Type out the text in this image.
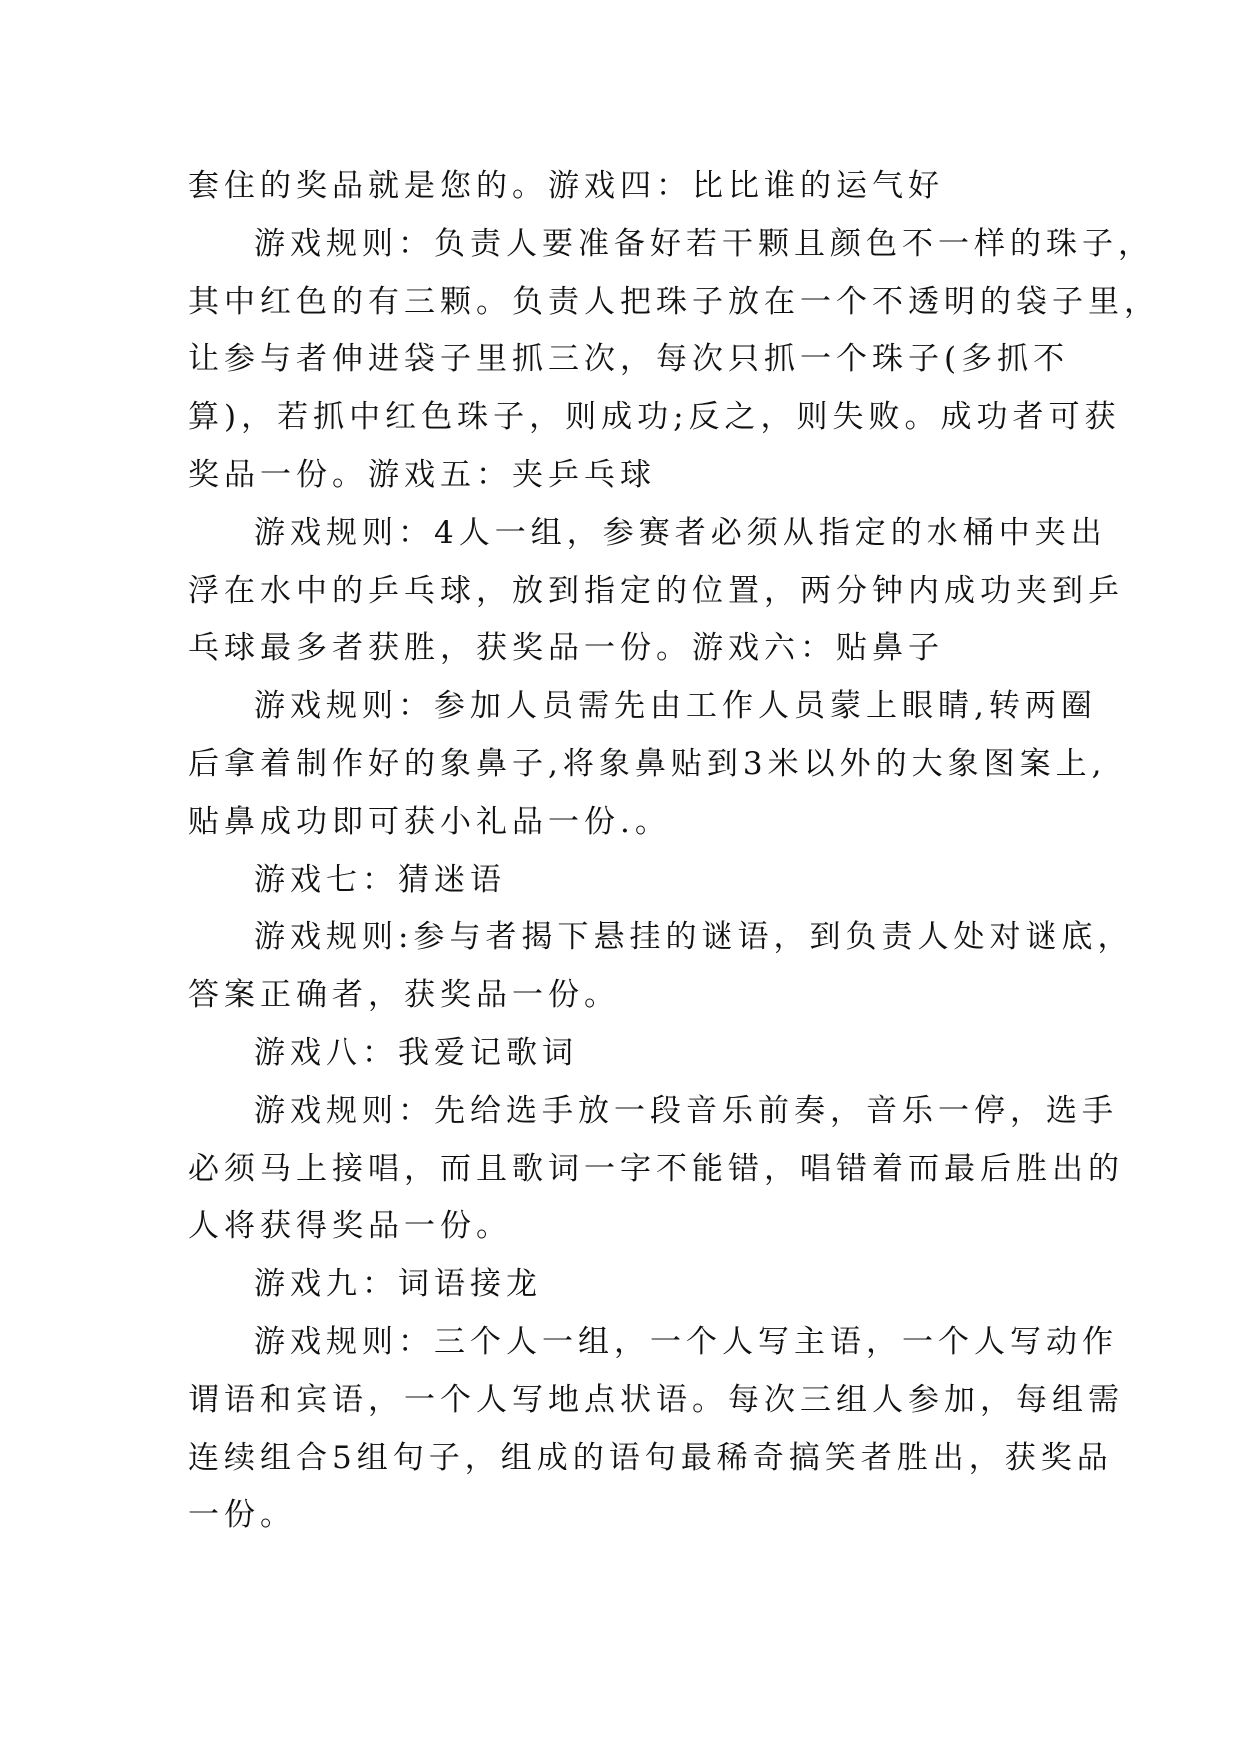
套住的奖品就是您的。游戏四：比比谁的运气好
游戏规则：负责人要准备好若干颗且颜色不一样的珠子，
其中红色的有三颗。负责人把珠子放在一个不透明的袋子里，
让参与者伸进袋子里抓三次，每次只抓一个珠子(多抓不
算)，若抓中红色珠子，则成功;反之，则失败。成功者可获
奖品一份。游戏五：夹乒乓球
游戏规则：4人一组，参赛者必须从指定的水桶中夹出
浮在水中的乒乓球，放到指定的位置，两分钟内成功夹到乒
乓球最多者获胜，获奖品一份。游戏六：贴鼻子
游戏规则：参加人员需先由工作人员蒙上眼睛,转两圈
后拿着制作好的象鼻子,将象鼻贴到3米以外的大象图案上,
贴鼻成功即可获小礼品一份.。
游戏七：猜迷语
游戏规则:参与者揭下悬挂的谜语，到负责人处对谜底，
答案正确者，获奖品一份。
游戏八：我爱记歌词
游戏规则：先给选手放一段音乐前奏，音乐一停，选手
必须马上接唱，而且歌词一字不能错，唱错着而最后胜出的
人将获得奖品一份。
游戏九：词语接龙
游戏规则：三个人一组，一个人写主语，一个人写动作
谓语和宾语，一个人写地点状语。每次三组人参加，每组需
连续组合5组句子，组成的语句最稀奇搞笑者胜出，获奖品
一份。
